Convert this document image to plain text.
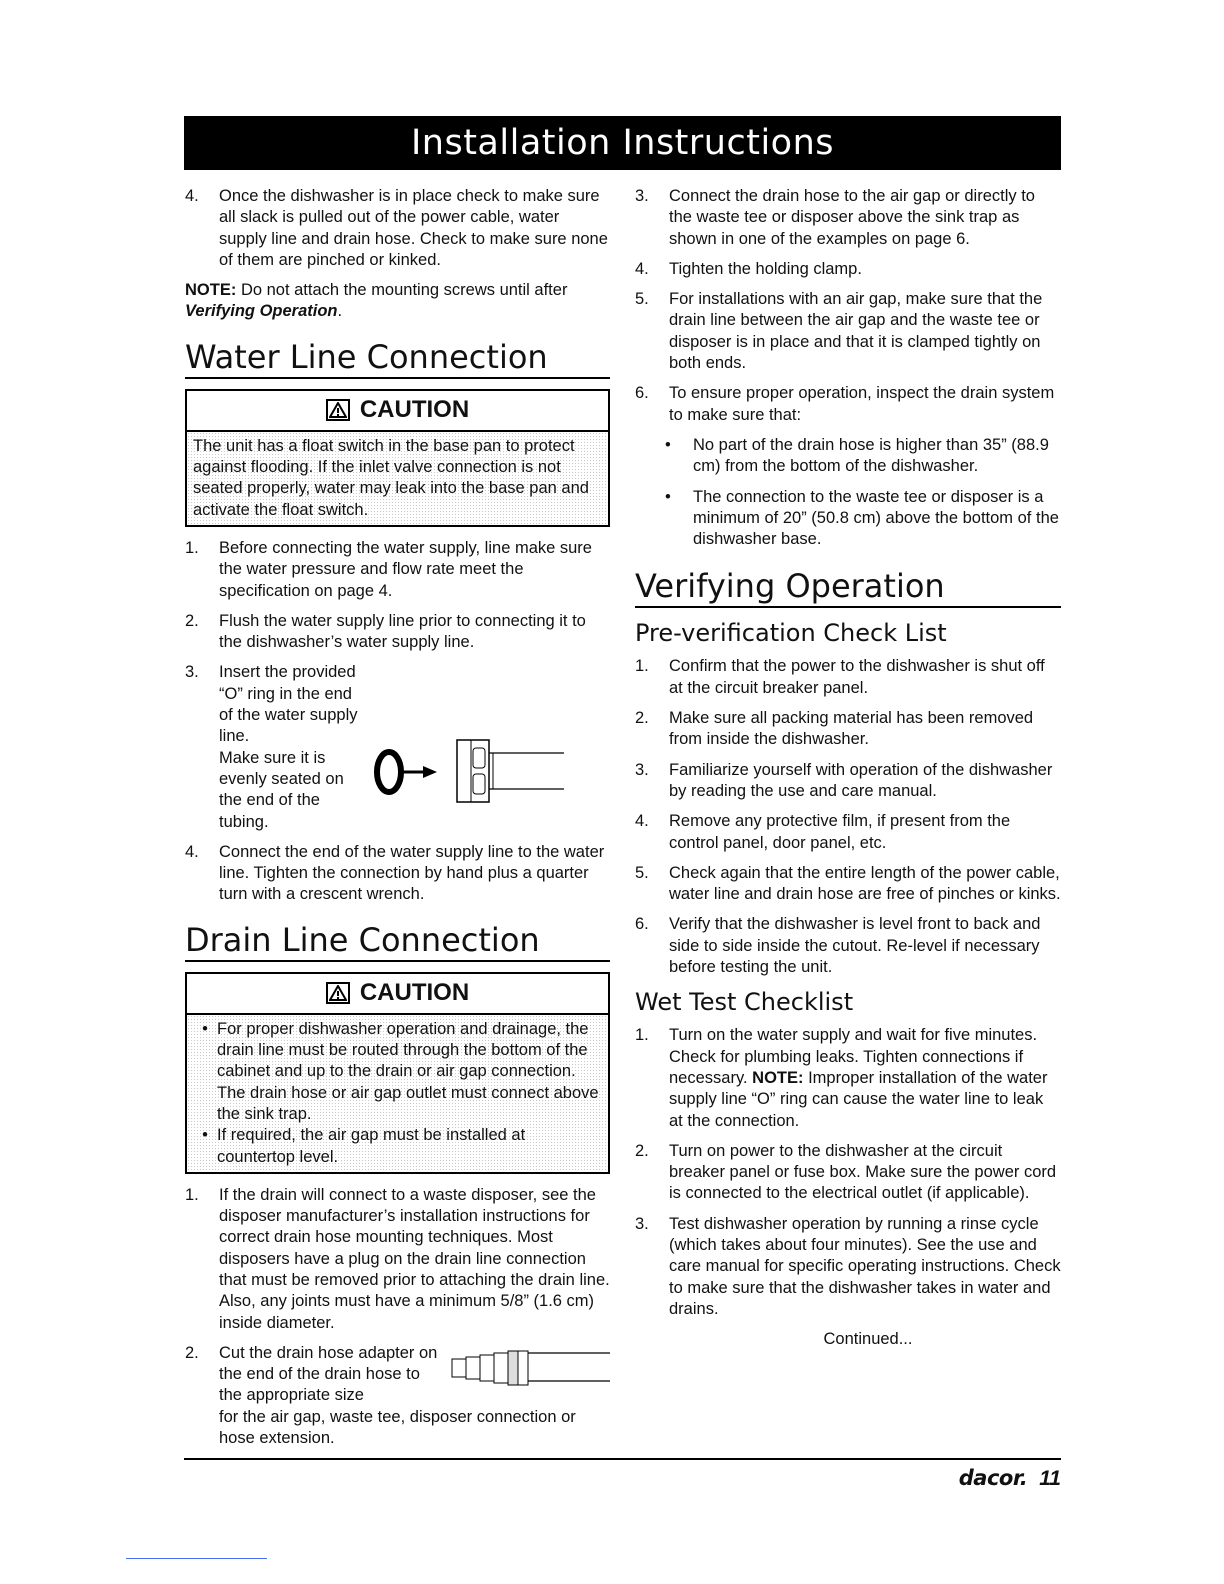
Installation Instructions
4.	Once the dishwasher is in place check to make sure all slack is pulled out of the power cable, water supply line and drain hose. Check to make sure none of them are pinched or kinked.
NOTE: Do not attach the mounting screws until after Verifying Operation.
Water Line Connection
CAUTION
The unit has a float switch in the base pan to protect against flooding. If the inlet valve connection is not seated properly, water may leak into the base pan and activate the float switch.
1.	Before connecting the water supply, line make sure the water pressure and flow rate meet the specification on page 4.
2.	Flush the water supply line prior to connecting it to the dishwasher’s water supply line.
3.	Insert the provided “O” ring in the end of the water supply line.
Make sure it is evenly seated on the end of the tubing.
4.	Connect the end of the water supply line to the water line. Tighten the connection by hand plus a quarter turn with a crescent wrench.
Drain Line Connection
CAUTION
• For proper dishwasher operation and drainage, the drain line must be routed through the bottom of the cabinet and up to the drain or air gap connection. The drain hose or air gap outlet must connect above the sink trap.
• If required, the air gap must be installed at countertop level.
1.	If the drain will connect to a waste disposer, see the disposer manufacturer’s installation instructions for correct drain hose mounting techniques. Most disposers have a plug on the drain line connection that must be removed prior to attaching the drain line. Also, any joints must have a minimum 5/8” (1.6 cm) inside diameter.
2.	Cut the drain hose adapter on the end of the drain hose to the appropriate size
for the air gap, waste tee, disposer connection or hose extension.
3.	Connect the drain hose to the air gap or directly to the waste tee or disposer above the sink trap as shown in one of the examples on page 6.
4.	Tighten the holding clamp.
5.	For installations with an air gap, make sure that the drain line between the air gap and the waste tee or disposer is in place and that it is clamped tightly on both ends.
6.	To ensure proper operation, inspect the drain system to make sure that:
•	No part of the drain hose is higher than 35” (88.9 cm) from the bottom of the dishwasher.
•	The connection to the waste tee or disposer is a minimum of 20” (50.8 cm) above the bottom of the dishwasher base.
Verifying Operation
Pre-verification Check List
1.	Confirm that the power to the dishwasher is shut off at the circuit breaker panel.
2.	Make sure all packing material has been removed from inside the dishwasher.
3.	Familiarize yourself with operation of the dishwasher by reading the use and care manual.
4.	Remove any protective film, if present from the control panel, door panel, etc.
5.	Check again that the entire length of the power cable, water line and drain hose are free of pinches or kinks.
6.	Verify that the dishwasher is level front to back and side to side inside the cutout. Re-level if necessary before testing the unit.
Wet Test Checklist
1.	Turn on the water supply and wait for five minutes. Check for plumbing leaks. Tighten connections if necessary. NOTE: Improper installation of the water supply line “O” ring can cause the water line to leak at the connection.
2.	Turn on power to the dishwasher at the circuit breaker panel or fuse box. Make sure the power cord is connected to the electrical outlet (if applicable).
3.	Test dishwasher operation by running a rinse cycle (which takes about four minutes). See the use and care manual for specific operating instructions. Check to make sure that the dishwasher takes in water and drains.
Continued...
dacor. 11
